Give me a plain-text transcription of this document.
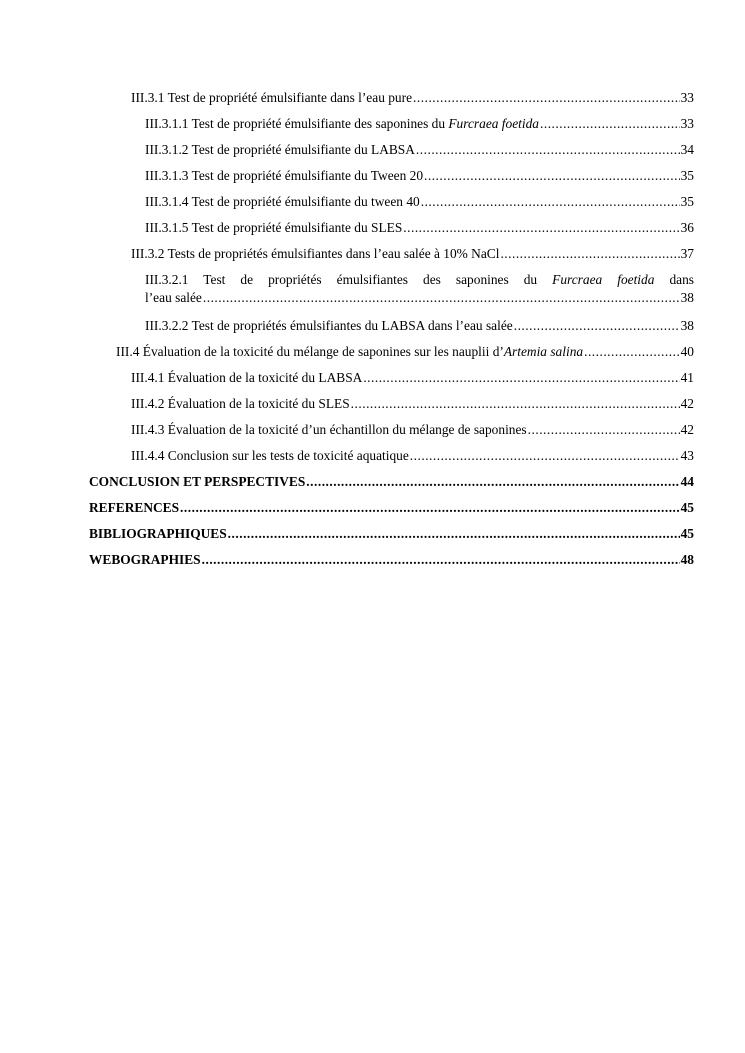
III.3.1 Test de propriété émulsifiante dans l’eau pure .....	33
III.3.1.1 Test de propriété émulsifiante des saponines du Furcraea foetida .....	33
III.3.1.2 Test de propriété émulsifiante du LABSA .....	34
III.3.1.3 Test de propriété émulsifiante du Tween 20 .....	35
III.3.1.4 Test de propriété émulsifiante du tween 40 .....	35
III.3.1.5 Test de propriété émulsifiante du SLES .....	36
III.3.2 Tests de propriétés émulsifiantes dans l’eau salée à 10% NaCl .....	37
III.3.2.1 Test de propriétés émulsifiantes des saponines du Furcraea foetida dans
l’eau salée .....	38
III.3.2.2 Test de propriétés émulsifiantes du LABSA dans l’eau salée .....	38
III.4 Évaluation de la toxicité du mélange de saponines sur les nauplii d’Artemia salina .....	40
III.4.1 Évaluation de la toxicité du LABSA .....	41
III.4.2 Évaluation de la toxicité du SLES .....	42
III.4.3 Évaluation de la toxicité d’un échantillon du mélange de saponines .....	42
III.4.4 Conclusion sur les tests de toxicité aquatique .....	43
CONCLUSION ET PERSPECTIVES .....	44
REFERENCES .....	45
BIBLIOGRAPHIQUES .....	45
WEBOGRAPHIES .....	48
